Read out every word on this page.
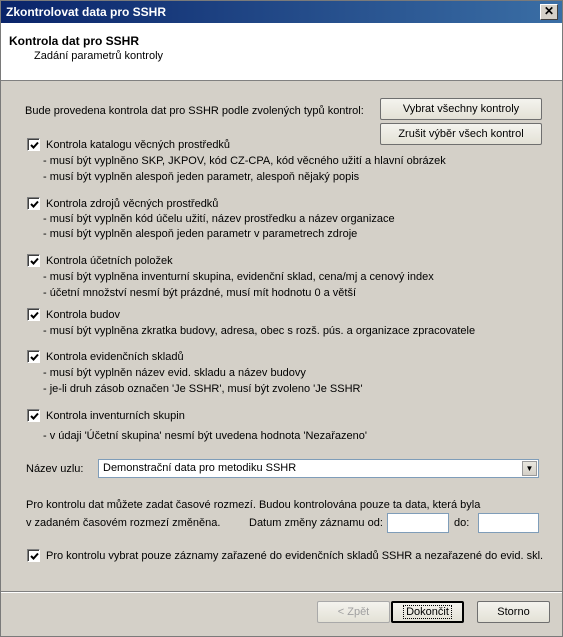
Zkontrolovat data pro SSHR	✕
Kontrola dat pro SSHR
Zadání parametrů kontroly
Bude provedena kontrola dat pro SSHR podle zvolených typů kontrol:	Vybrat všechny kontroly
Zrušit výběr všech kontrol
Kontrola katalogu věcných prostředků
- musí být vyplněno SKP, JKPOV, kód CZ-CPA, kód věcného užití a hlavní obrázek
- musí být vyplněn alespoň jeden parametr, alespoň nějaký popis
Kontrola zdrojů věcných prostředků
- musí být vyplněn kód účelu užití, název prostředku a název organizace
- musí být vyplněn alespoň jeden parametr v parametrech zdroje
Kontrola účetních položek
- musí být vyplněna inventurní skupina, evidenční sklad, cena/mj a cenový index
- účetní množství nesmí být prázdné, musí mít hodnotu 0 a větší
Kontrola budov
- musí být vyplněna zkratka budovy, adresa, obec s rozš. pús. a organizace zpracovatele
Kontrola evidenčních skladů
- musí být vyplněn název evid. skladu a název budovy
- je-li druh zásob označen 'Je SSHR', musí být zvoleno 'Je SSHR'
Kontrola inventurních skupin
- v údaji 'Účetní skupina' nesmí být uvedena hodnota 'Nezařazeno'
Název uzlu: Demonstrační data pro metodiku SSHR	▼
Pro kontrolu dat můžete zadat časové rozmezí. Budou kontrolována pouze ta data, která byla
v zadaném časovém rozmezí změněna.	Datum změny záznamu od:	do:
Pro kontrolu vybrat pouze záznamy zařazené do evidenčních skladů SSHR a nezařazené do evid. skl.
< Zpět	Dokončit	Storno
